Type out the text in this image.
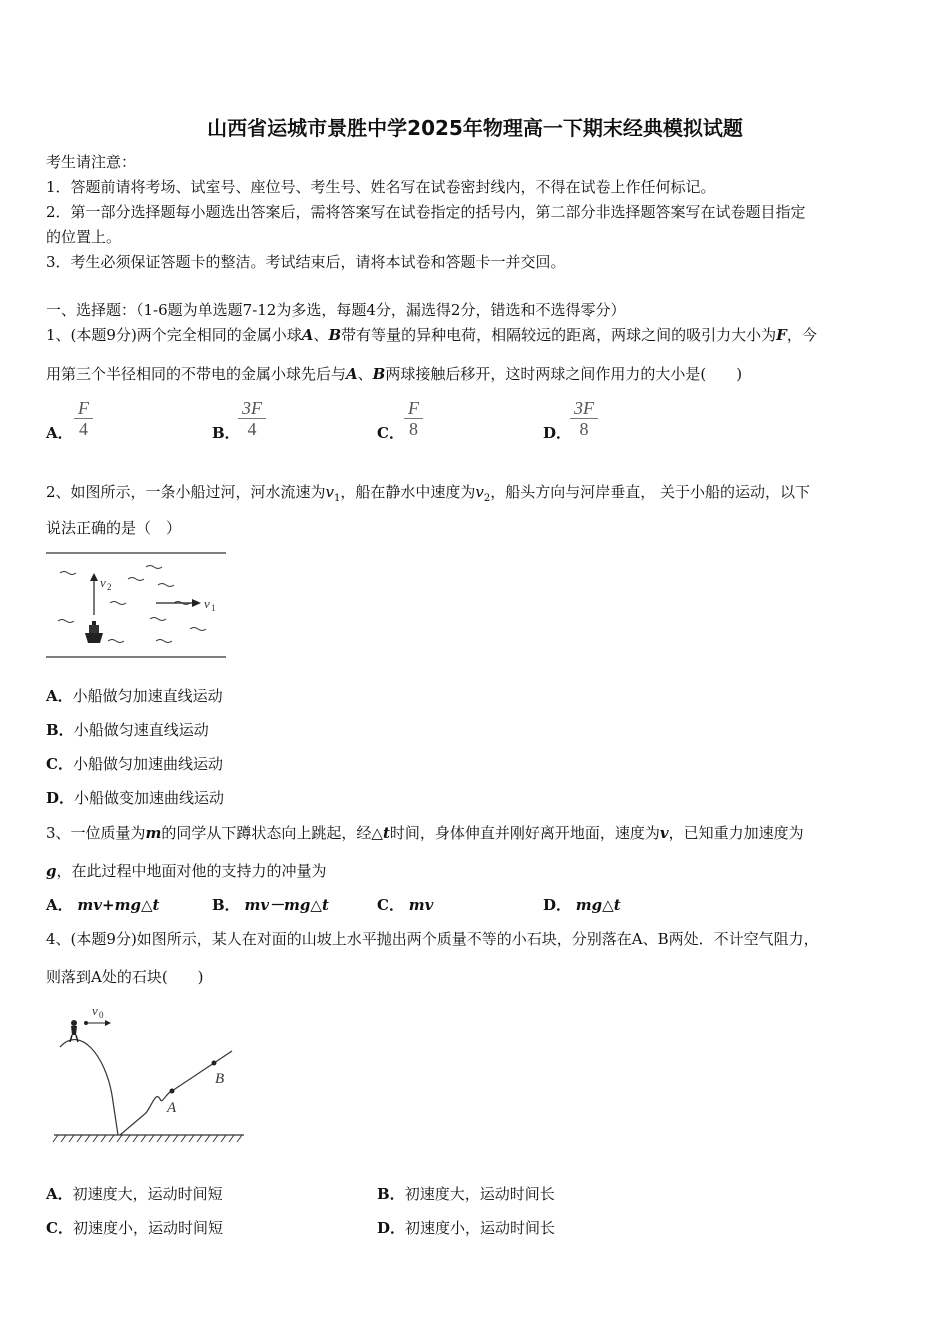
山西省运城市景胜中学2025年物理高一下期末经典模拟试题
考生请注意：
1．答题前请将考场、试室号、座位号、考生号、姓名写在试卷密封线内，不得在试卷上作任何标记。
2．第一部分选择题每小题选出答案后，需将答案写在试卷指定的括号内，第二部分非选择题答案写在试卷题目指定
的位置上。
3．考生必须保证答题卡的整洁。考试结束后，请将本试卷和答题卡一并交回。
一、选择题：（1-6题为单选题7-12为多选，每题4分，漏选得2分，错选和不选得零分）
1、(本题9分)两个完全相同的金属小球A、B带有等量的异种电荷，相隔较远的距离，两球之间的吸引力大小为F，今
用第三个半径相同的不带电的金属小球先后与A、B两球接触后移开，这时两球之间作用力的大小是(　　)
A．
F
4	B．
3F
4	C．
F
8	D．
3F
8
2、如图所示，一条小船过河，河水流速为$v_1$，船在静水中速度为$v_2$，船头方向与河岸垂直， 关于小船的运动，以下
说法正确的是（　）
v 2
v 1
A．小船做匀加速直线运动
B．小船做匀速直线运动
C．小船做匀加速曲线运动
D．小船做变加速曲线运动
3、一位质量为m的同学从下蹲状态向上跳起，经△t时间，身体伸直并刚好离开地面，速度为v，已知重力加速度为
g，在此过程中地面对他的支持力的冲量为
A． mv+mg△t	B． mv－mg△t	C． mv	D． mg△t
4、(本题9分)如图所示，某人在对面的山坡上水平抛出两个质量不等的小石块，分别落在A、B两处．不计空气阻力，
则落到A处的石块(　　)
v 0
A
B
A．初速度大，运动时间短	B．初速度大，运动时间长
C．初速度小，运动时间短	D．初速度小，运动时间长
